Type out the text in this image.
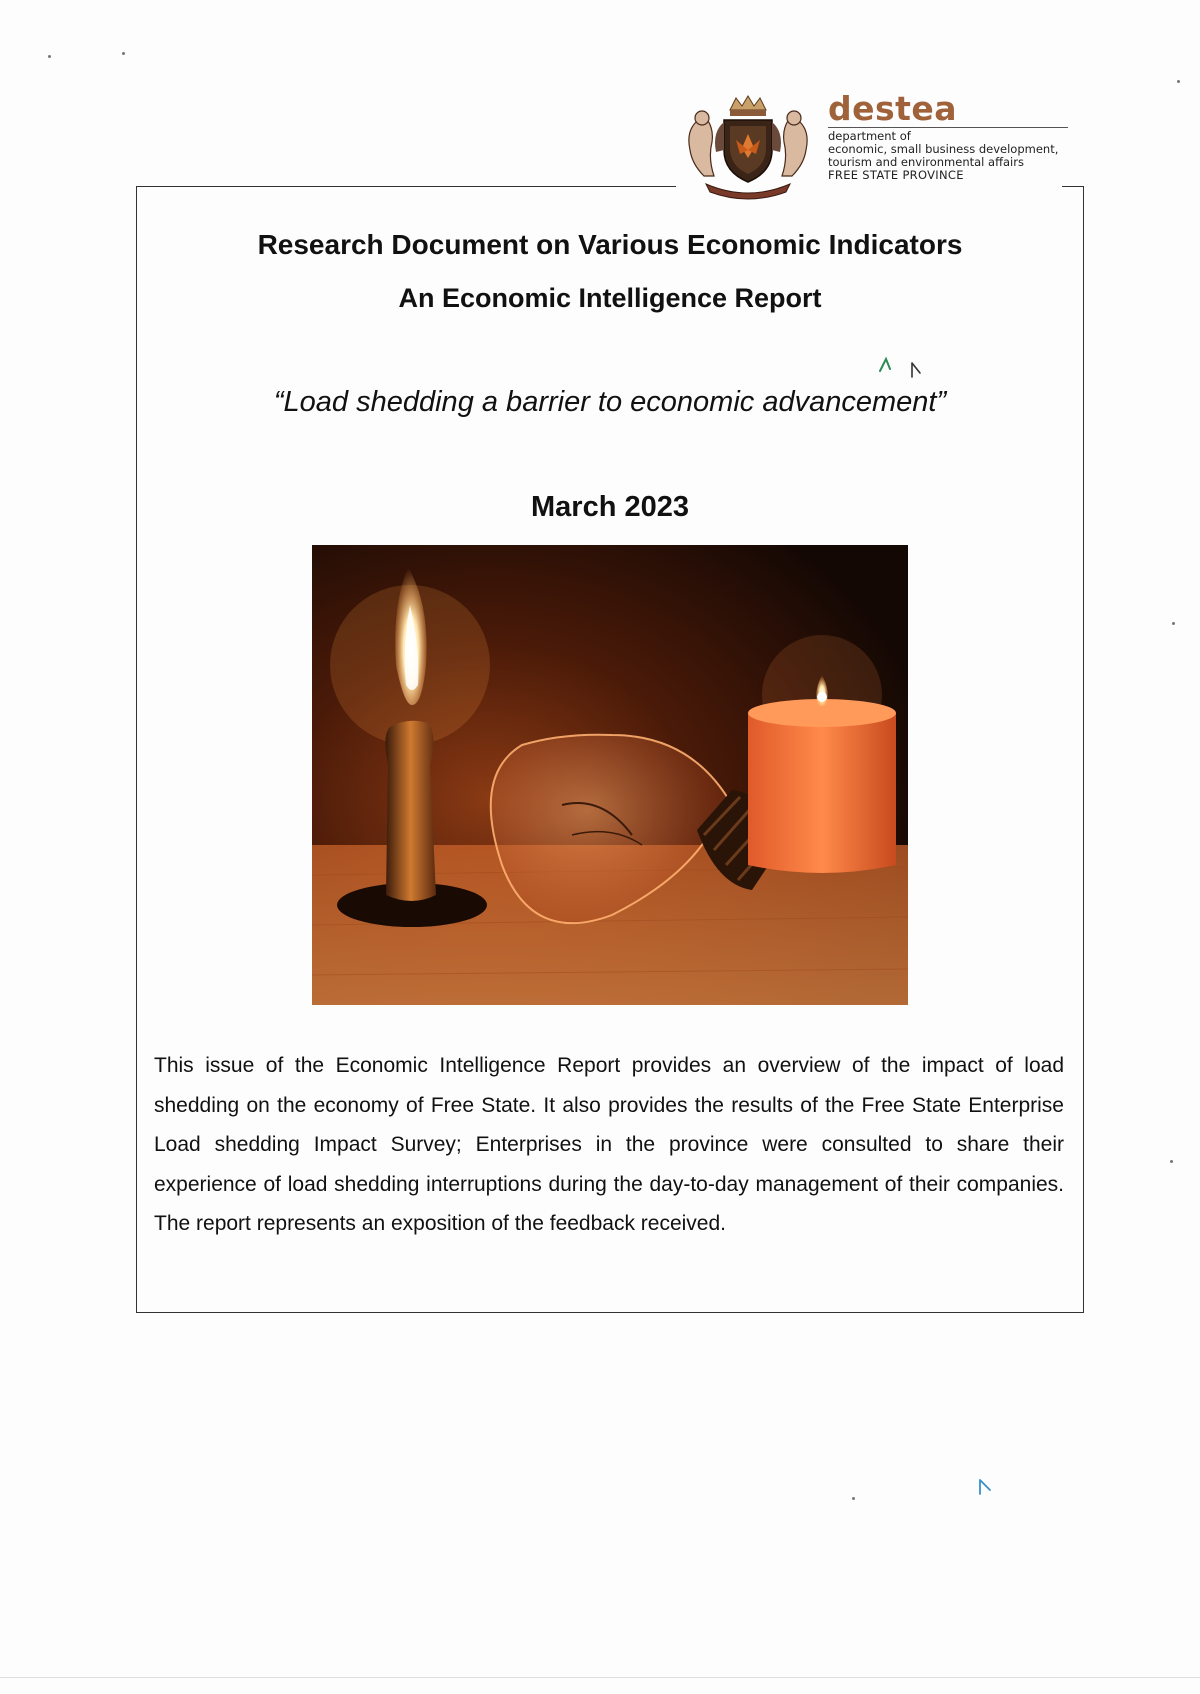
destea
department of
economic, small business development,
tourism and environmental affairs
FREE STATE PROVINCE
Research Document on Various Economic Indicators
An Economic Intelligence Report

“Load shedding a barrier to economic advancement”

March 2023

This issue of the Economic Intelligence Report provides an overview of the impact of load shedding on the economy of Free State. It also provides the results of the Free State Enterprise Load shedding Impact Survey; Enterprises in the province were consulted to share their experience of load shedding interruptions during the day-to-day management of their companies. The report represents an exposition of the feedback received.
